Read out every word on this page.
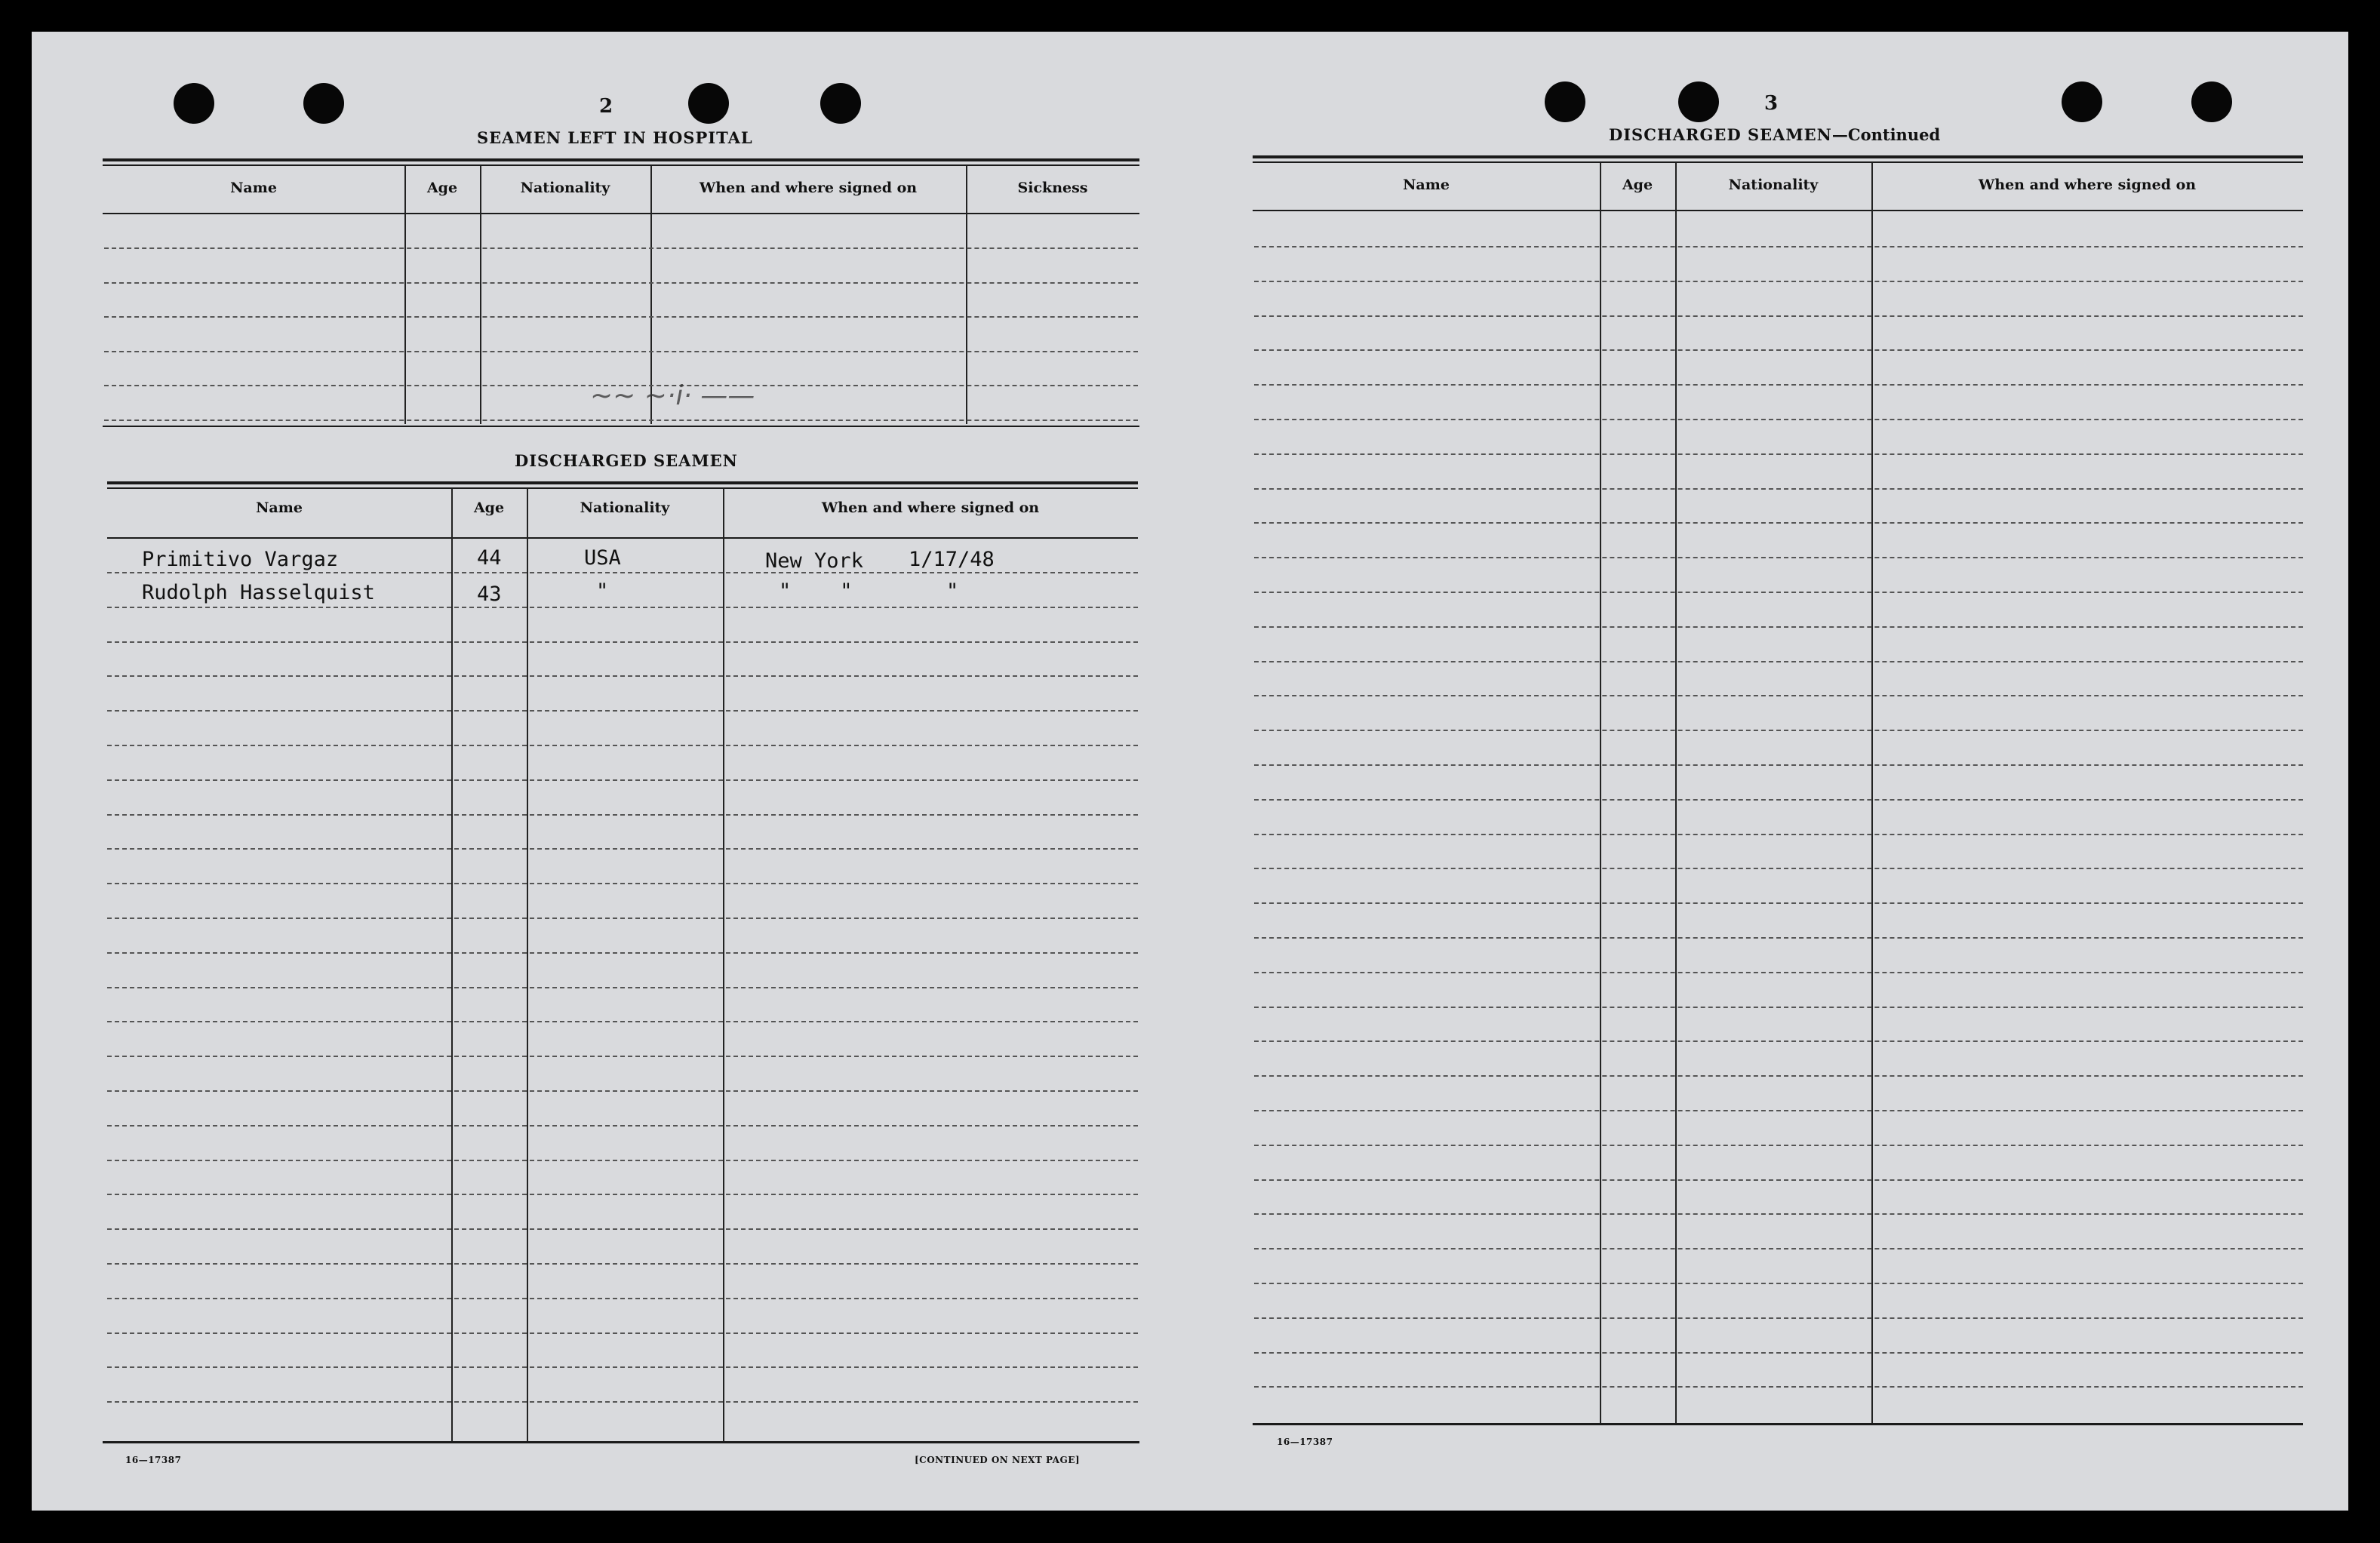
2
SEAMEN LEFT IN HOSPITAL
Name	Age	Nationality	When and where signed on	Sickness
~~ ~·i· ——
DISCHARGED SEAMEN
Name	Age	Nationality	When and where signed on
Primitivo Vargaz	44	USA	New York 1/17/48
Rudolph Hasselquist	43	"	"    "	"
16—17387	[CONTINUED ON NEXT PAGE]
3
DISCHARGED SEAMEN—Continued
Name	Age	Nationality	When and where signed on
16—17387
